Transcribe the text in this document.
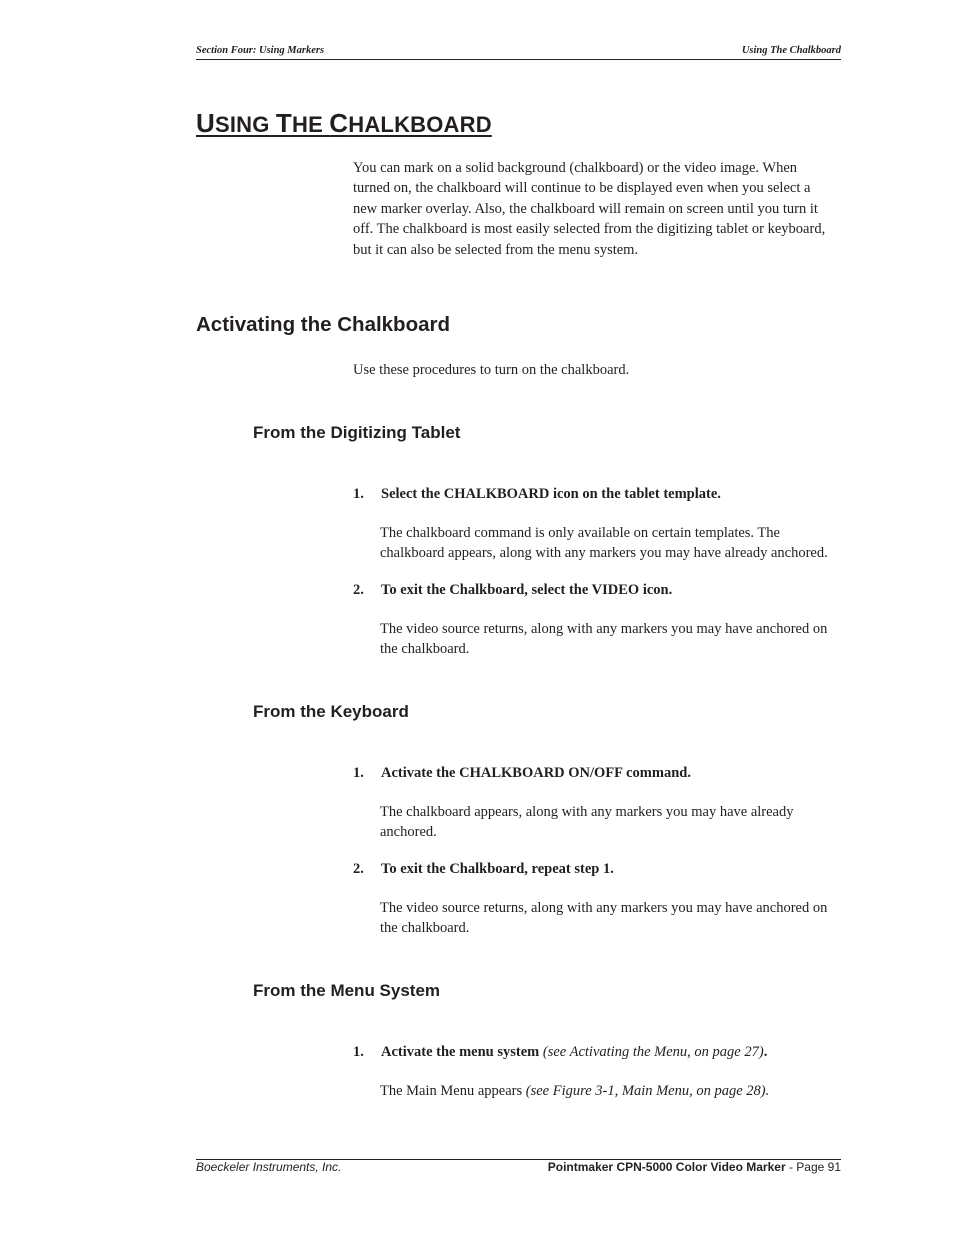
Section Four: Using Markers	Using The Chalkboard
USING THE CHALKBOARD
You can mark on a solid background (chalkboard) or the video image. When turned on, the chalkboard will continue to be displayed even when you select a new marker overlay. Also, the chalkboard will remain on screen until you turn it off. The chalkboard is most easily selected from the digitizing tablet or keyboard, but it can also be selected from the menu system.
Activating the Chalkboard
Use these procedures to turn on the chalkboard.
From the Digitizing Tablet
1. Select the CHALKBOARD icon on the tablet template.
The chalkboard command is only available on certain templates. The chalkboard appears, along with any markers you may have already anchored.
2. To exit the Chalkboard, select the VIDEO icon.
The video source returns, along with any markers you may have anchored on the chalkboard.
From the Keyboard
1. Activate the CHALKBOARD ON/OFF command.
The chalkboard appears, along with any markers you may have already anchored.
2. To exit the Chalkboard, repeat step 1.
The video source returns, along with any markers you may have anchored on the chalkboard.
From the Menu System
1. Activate the menu system (see Activating the Menu, on page 27).
The Main Menu appears (see Figure 3-1, Main Menu, on page 28).
Boeckeler Instruments, Inc.	Pointmaker CPN-5000 Color Video Marker - Page 91
